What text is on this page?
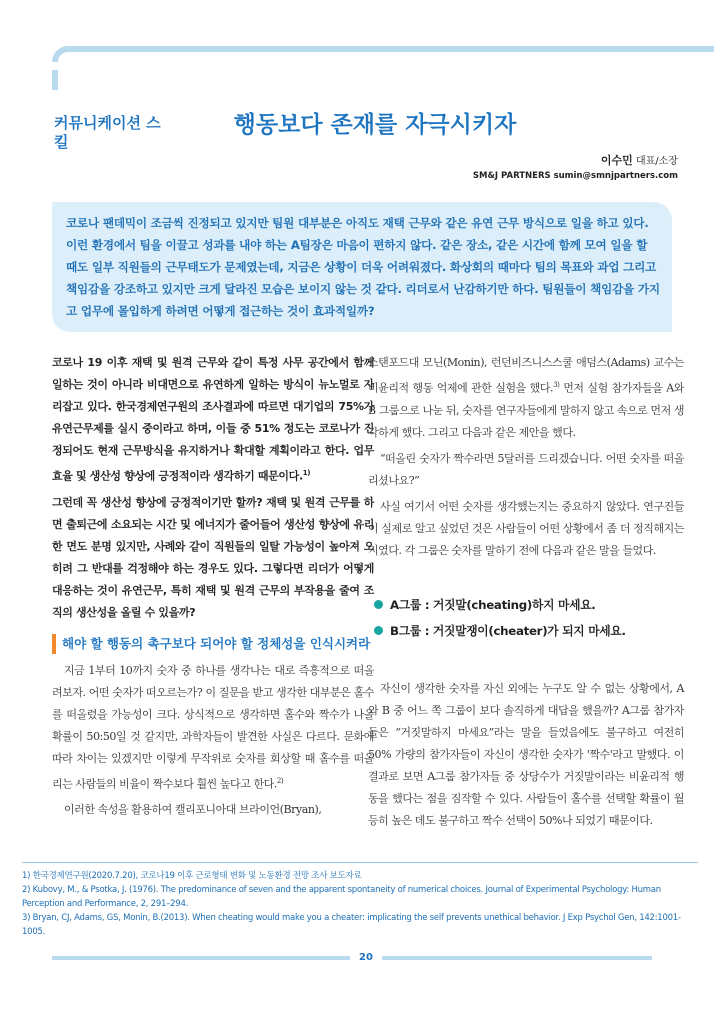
커뮤니케이션 스킬
행동보다 존재를 자극시키자
이수민 대표/소장
SM&J PARTNERS sumin@smnjpartners.com
코로나 팬데믹이 조금씩 진정되고 있지만 팀원 대부분은 아직도 재택 근무와 같은 유연 근무 방식으로 일을 하고 있다. 이런 환경에서 팀을 이끌고 성과를 내야 하는 A팀장은 마음이 편하지 않다. 같은 장소, 같은 시간에 함께 모여 일을 할 때도 일부 직원들의 근무태도가 문제였는데, 지금은 상황이 더욱 어려워졌다. 화상회의 때마다 팀의 목표와 과업 그리고 책임감을 강조하고 있지만 크게 달라진 모습은 보이지 않는 것 같다. 리더로서 난감하기만 하다. 팀원들이 책임감을 가지고 업무에 몰입하게 하려면 어떻게 접근하는 것이 효과적일까?

코로나 19 이후 재택 및 원격 근무와 같이 특정 사무 공간에서 함께 일하는 것이 아니라 비대면으로 유연하게 일하는 방식이 뉴노멀로 자리잡고 있다. 한국경제연구원의 조사결과에 따르면 대기업의 75%가 유연근무제를 실시 중이라고 하며, 이들 중 51% 정도는 코로나가 진정되어도 현재 근무방식을 유지하거나 확대할 계획이라고 한다. 업무 효율 및 생산성 향상에 긍정적이라 생각하기 때문이다.$^{1)}$

그런데 꼭 생산성 향상에 긍정적이기만 할까? 재택 및 원격 근무를 하면 출퇴근에 소요되는 시간 및 에너지가 줄어들어 생산성 향상에 유리한 면도 분명 있지만, 사례와 같이 직원들의 일탈 가능성이 높아져 오히려 그 반대를 걱정해야 하는 경우도 있다. 그렇다면 리더가 어떻게 대응하는 것이 유연근무, 특히 재택 및 원격 근무의 부작용을 줄여 조직의 생산성을 올릴 수 있을까?

해야 할 행동의 촉구보다 되어야 할 정체성을 인식시켜라

지금 1부터 10까지 숫자 중 하나를 생각나는 대로 즉흥적으로 떠올려보자. 어떤 숫자가 떠오르는가? 이 질문을 받고 생각한 대부분은 홀수를 떠올렸을 가능성이 크다. 상식적으로 생각하면 홀수와 짝수가 나올 확률이 50:50일 것 같지만, 과학자들이 발견한 사실은 다르다. 문화에 따라 차이는 있겠지만 이렇게 무작위로 숫자를 회상할 때 홀수를 떠올리는 사람들의 비율이 짝수보다 훨씬 높다고 한다.$^{2)}$

이러한 속성을 활용하여 캘리포니아대 브라이언(Bryan),

스탠포드대 모닌(Monin), 런던비즈니스스쿨 애덤스(Adams) 교수는 비윤리적 행동 억제에 관한 실험을 했다.$^{3)}$ 먼저 실험 참가자들을 A와 B 그룹으로 나눈 뒤, 숫자를 연구자들에게 말하지 않고 속으로 먼저 생각하게 했다. 그리고 다음과 같은 제안을 했다.

“떠올린 숫자가 짝수라면 5달러를 드리겠습니다. 어떤 숫자를 떠올리셨나요?”

사실 여기서 어떤 숫자를 생각했는지는 중요하지 않았다. 연구진들이 실제로 알고 싶었던 것은 사람들이 어떤 상황에서 좀 더 정직해지는 지였다. 각 그룹은 숫자를 말하기 전에 다음과 같은 말을 들었다.

A그룹 : 거짓말(cheating)하지 마세요.
B그룹 : 거짓말쟁이(cheater)가 되지 마세요.

자신이 생각한 숫자를 자신 외에는 누구도 알 수 없는 상황에서, A와 B 중 어느 쪽 그룹이 보다 솔직하게 대답을 했을까? A그룹 참가자들은 “거짓말하지 마세요”라는 말을 들었음에도 불구하고 여전히 50% 가량의 참가자들이 자신이 생각한 숫자가 '짝수'라고 말했다. 이 결과로 보면 A그룹 참가자들 중 상당수가 거짓말이라는 비윤리적 행동을 했다는 점을 짐작할 수 있다. 사람들이 홀수를 선택할 확률이 월등히 높은 데도 불구하고 짝수 선택이 50%나 되었기 때문이다.

1) 한국경제연구원(2020.7.20), 코로나19 이후 근로형태 변화 및 노동환경 전망 조사 보도자료

2) Kubovy, M., & Psotka, J. (1976). The predominance of seven and the apparent spontaneity of numerical choices. Journal of Experimental Psychology: Human Perception and Performance, 2, 291–294.

3) Bryan, CJ, Adams, GS, Monin, B.(2013). When cheating would make you a cheater: implicating the self prevents unethical behavior. J Exp Psychol Gen, 142:1001-1005.

20
